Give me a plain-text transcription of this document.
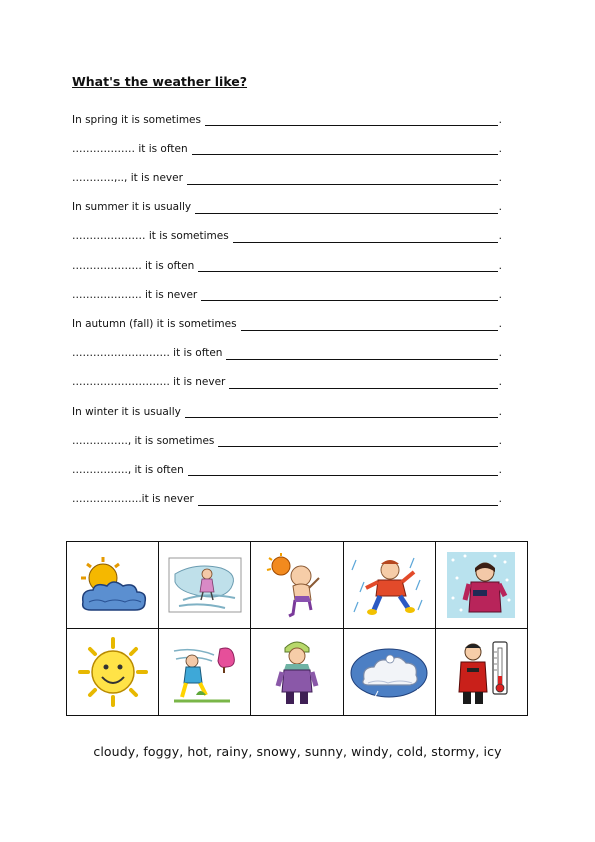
What's the weather like?
In spring it is sometimes	.
……………… it is often	.
…………,.., it is never	.
In summer it is usually	.
………………… it is sometimes	.
……………….. it is often	.
……………….. it is never	.
In autumn (fall) it is sometimes	.
………………………. it is often	.
………………………. it is never	.
In winter it is usually	.
……………., it is sometimes	.
……………., it is often	.
………………..it is never	.

cloudy, foggy, hot, rainy, snowy, sunny, windy, cold, stormy, icy
